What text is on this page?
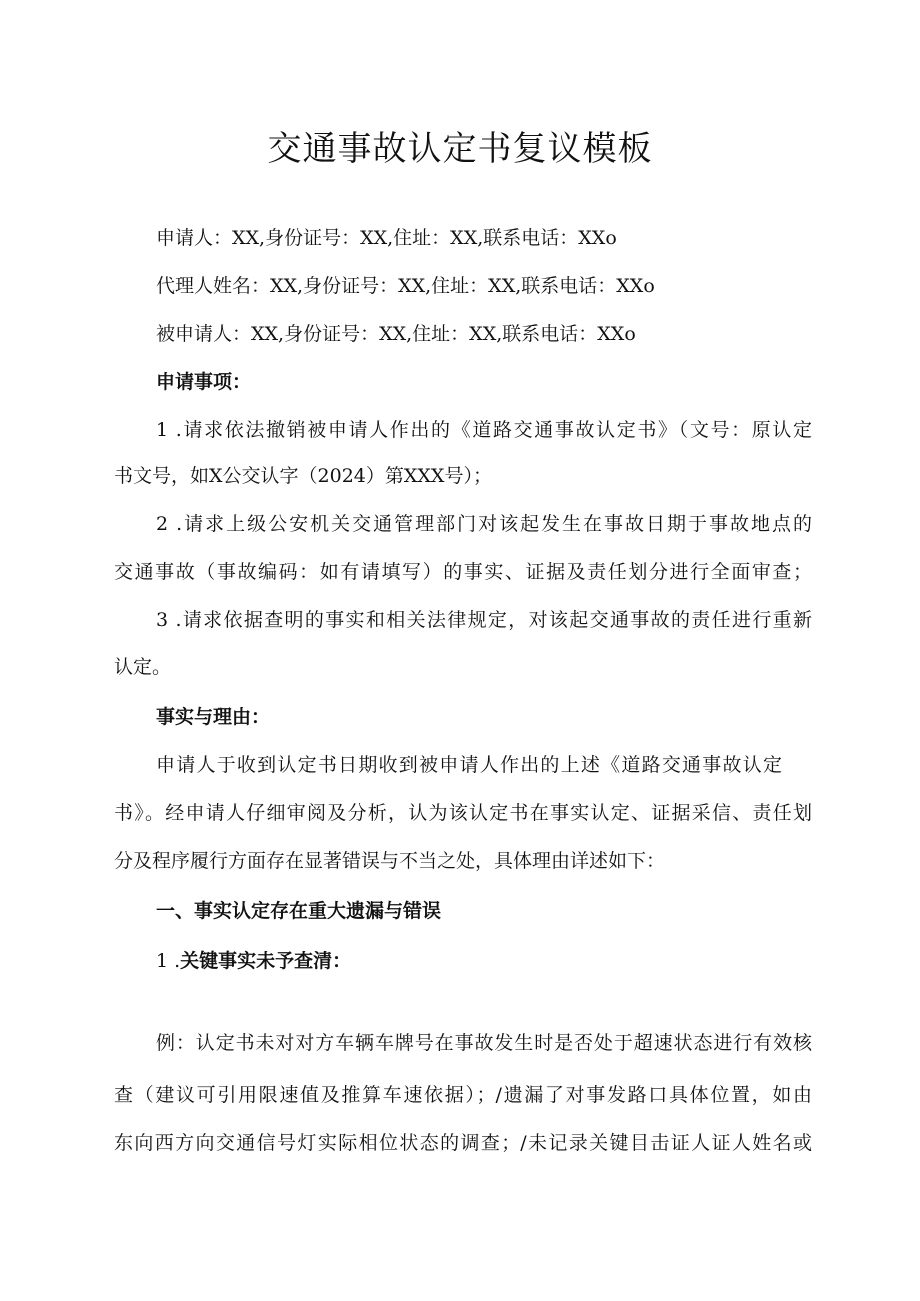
交通事故认定书复议模板

申请人：XX,身份证号：XX,住址：XX,联系电话：XXo

代理人姓名：XX,身份证号：XX,住址：XX,联系电话：XXo

被申请人：XX,身份证号：XX,住址：XX,联系电话：XXo

申请事项：

1 .请求依法撤销被申请人作出的《道路交通事故认定书》（文号：原认定

书文号，如X公交认字（2024）第XXX号）；

2 .请求上级公安机关交通管理部门对该起发生在事故日期于事故地点的

交通事故（事故编码：如有请填写）的事实、证据及责任划分进行全面审查；

3 .请求依据查明的事实和相关法律规定，对该起交通事故的责任进行重新

认定。

事实与理由：

申请人于收到认定书日期收到被申请人作出的上述《道路交通事故认定

书》。经申请人仔细审阅及分析，认为该认定书在事实认定、证据采信、责任划

分及程序履行方面存在显著错误与不当之处，具体理由详述如下：

一、事实认定存在重大遗漏与错误

1 .关键事实未予查清：

例：认定书未对对方车辆车牌号在事故发生时是否处于超速状态进行有效核

查（建议可引用限速值及推算车速依据）；/遗漏了对事发路口具体位置，如由

东向西方向交通信号灯实际相位状态的调查；/未记录关键目击证人证人姓名或
